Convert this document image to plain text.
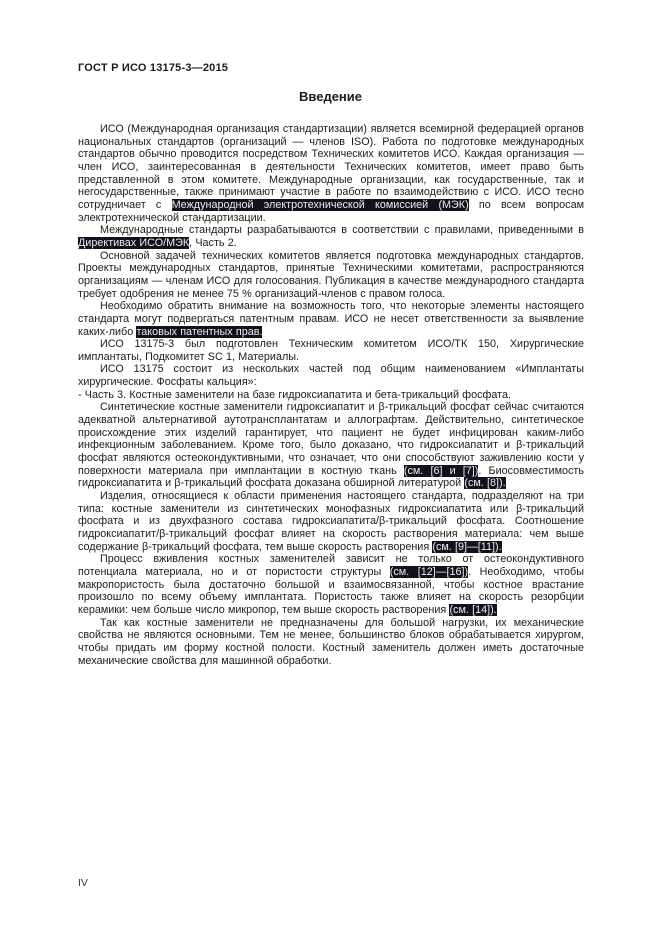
ГОСТ Р ИСО 13175-3—2015
Введение

ИСО (Международная организация стандартизации) является всемирной федерацией органов национальных стандартов (организаций — членов ISO). Работа по подготовке международных стандартов обычно проводится посредством Технических комитетов ИСО. Каждая организация — член ИСО, заинтересованная в деятельности Технических комитетов, имеет право быть представленной в этом комитете. Международные организации, как государственные, так и негосударственные, также принимают участие в работе по взаимодействию с ИСО. ИСО тесно сотрудничает с Международной электротехнической комиссией (МЭК) по всем вопросам электротехнической стандартизации.

Международные стандарты разрабатываются в соответствии с правилами, приведенными в Директивах ИСО/МЭК, Часть 2.

Основной задачей технических комитетов является подготовка международных стандартов. Проекты международных стандартов, принятые Техническими комитетами, распространяются организациям — членам ИСО для голосования. Публикация в качестве международного стандарта требует одобрения не менее 75 % организаций-членов с правом голоса.

Необходимо обратить внимание на возможность того, что некоторые элементы настоящего стандарта могут подвергаться патентным правам. ИСО не несет ответственности за выявление каких-либо таковых патентных прав.

ИСО 13175-3 был подготовлен Техническим комитетом ИСО/ТК 150, Хирургические имплантаты, Подкомитет SC 1, Материалы.

ИСО 13175 состоит из нескольких частей под общим наименованием «Имплантаты хирургические. Фосфаты кальция»:

- Часть 3. Костные заменители на базе гидроксиапатита и бета-трикальций фосфата.

Синтетические костные заменители гидроксиапатит и β-трикальций фосфат сейчас считаются адекватной альтернативой аутотрансплантатам и аллографтам. Действительно, синтетическое происхождение этих изделий гарантирует, что пациент не будет инфицирован каким-либо инфекционным заболеванием. Кроме того, было доказано, что гидроксиапатит и β-трикальций фосфат являются остеокондуктивными, что означает, что они способствуют заживлению кости у поверхности материала при имплантации в костную ткань (см. [6] и [7]). Биосовместимость гидроксиапатита и β-трикальций фосфата доказана обширной литературой (см. [8]).

Изделия, относящиеся к области применения настоящего стандарта, подразделяют на три типа: костные заменители из синтетических монофазных гидроксиапатита или β-трикальций фосфата и из двухфазного состава гидроксиапатита/β-трикальций фосфата. Соотношение гидроксиапатит/β-трикальций фосфат влияет на скорость растворения материала: чем выше содержание β-трикальций фосфата, тем выше скорость растворения (см. [9]—[11]).

Процесс вживления костных заменителей зависит не только от остеокондуктивного потенциала материала, но и от пористости структуры (см. [12]—[16]). Необходимо, чтобы макропористость была достаточно большой и взаимосвязанной, чтобы костное врастание произошло по всему объему имплантата. Пористость также влияет на скорость резорбции керамики: чем больше число микропор, тем выше скорость растворения (см. [14]).

Так как костные заменители не предназначены для большой нагрузки, их механические свойства не являются основными. Тем не менее, большинство блоков обрабатывается хирургом, чтобы придать им форму костной полости. Костный заменитель должен иметь достаточные механические свойства для машинной обработки.

IV
